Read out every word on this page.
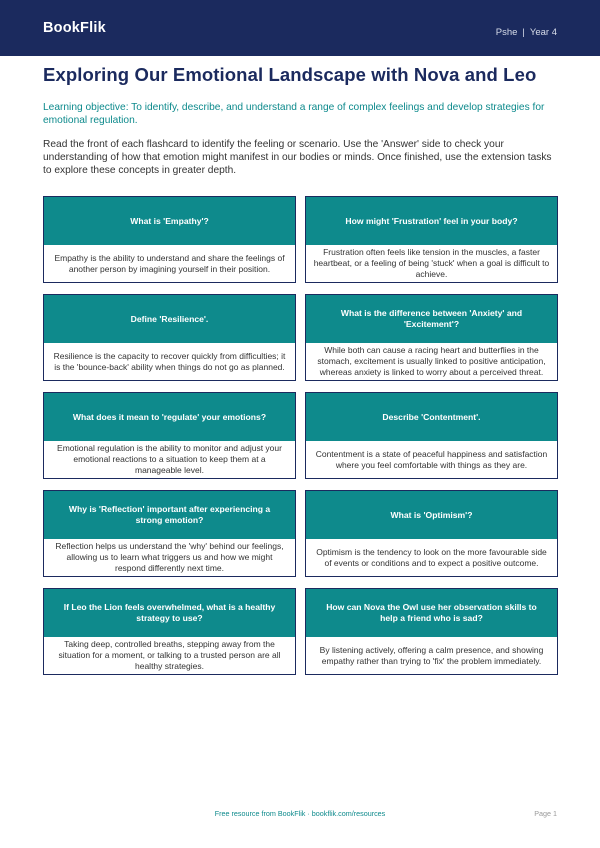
BookFlik	Pshe | Year 4
Exploring Our Emotional Landscape with Nova and Leo

Learning objective: To identify, describe, and understand a range of complex feelings and develop strategies for emotional regulation.

Read the front of each flashcard to identify the feeling or scenario. Use the 'Answer' side to check your understanding of how that emotion might manifest in our bodies or minds. Once finished, use the extension tasks to explore these concepts in greater depth.

What is 'Empathy'?
Empathy is the ability to understand and share the feelings of another person by imagining yourself in their position.
How might 'Frustration' feel in your body?
Frustration often feels like tension in the muscles, a faster heartbeat, or a feeling of being 'stuck' when a goal is difficult to achieve.
Define 'Resilience'.
Resilience is the capacity to recover quickly from difficulties; it is the 'bounce-back' ability when things do not go as planned.
What is the difference between 'Anxiety' and 'Excitement'?
While both can cause a racing heart and butterflies in the stomach, excitement is usually linked to positive anticipation, whereas anxiety is linked to worry about a perceived threat.
What does it mean to 'regulate' your emotions?
Emotional regulation is the ability to monitor and adjust your emotional reactions to a situation to keep them at a manageable level.
Describe 'Contentment'.
Contentment is a state of peaceful happiness and satisfaction where you feel comfortable with things as they are.
Why is 'Reflection' important after experiencing a strong emotion?
Reflection helps us understand the 'why' behind our feelings, allowing us to learn what triggers us and how we might respond differently next time.
What is 'Optimism'?
Optimism is the tendency to look on the more favourable side of events or conditions and to expect a positive outcome.
If Leo the Lion feels overwhelmed, what is a healthy strategy to use?
Taking deep, controlled breaths, stepping away from the situation for a moment, or talking to a trusted person are all healthy strategies.
How can Nova the Owl use her observation skills to help a friend who is sad?
By listening actively, offering a calm presence, and showing empathy rather than trying to 'fix' the problem immediately.
Free resource from BookFlik · bookflik.com/resources	Page 1
